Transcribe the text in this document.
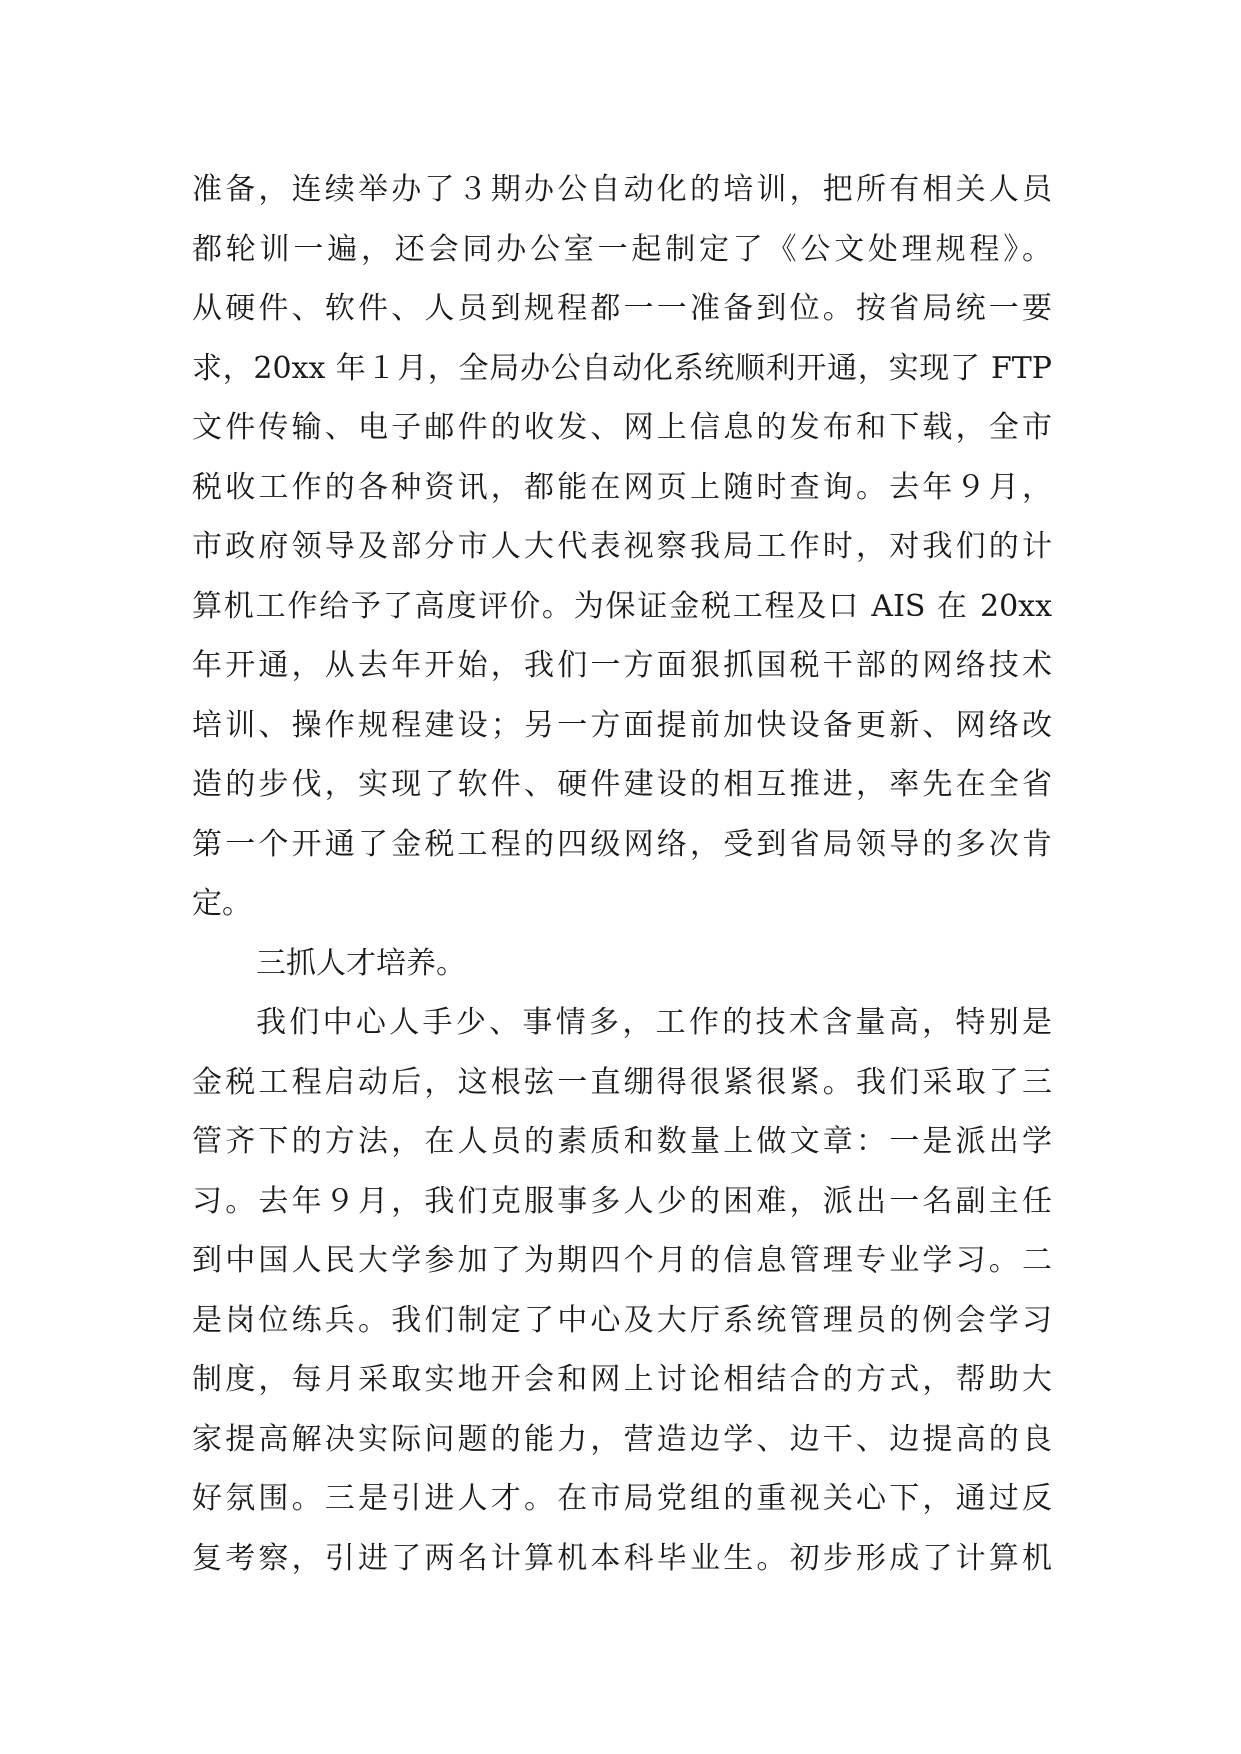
准备，连续举办了３期办公自动化的培训，把所有相关人员
都轮训一遍，还会同办公室一起制定了《公文处理规程》。
从硬件、软件、人员到规程都一一准备到位。按省局统一要
求，20xx 年１月，全局办公自动化系统顺利开通，实现了 FTP
文件传输、电子邮件的收发、网上信息的发布和下载，全市
税收工作的各种资讯，都能在网页上随时查询。去年９月，
市政府领导及部分市人大代表视察我局工作时，对我们的计
算机工作给予了高度评价。为保证金税工程及口 AIS 在 20xx
年开通，从去年开始，我们一方面狠抓国税干部的网络技术
培训、操作规程建设；另一方面提前加快设备更新、网络改
造的步伐，实现了软件、硬件建设的相互推进，率先在全省
第一个开通了金税工程的四级网络，受到省局领导的多次肯
定。
三抓人才培养。
我们中心人手少、事情多，工作的技术含量高，特别是
金税工程启动后，这根弦一直绷得很紧很紧。我们采取了三
管齐下的方法，在人员的素质和数量上做文章：一是派出学
习。去年９月，我们克服事多人少的困难，派出一名副主任
到中国人民大学参加了为期四个月的信息管理专业学习。二
是岗位练兵。我们制定了中心及大厅系统管理员的例会学习
制度，每月采取实地开会和网上讨论相结合的方式，帮助大
家提高解决实际问题的能力，营造边学、边干、边提高的良
好氛围。三是引进人才。在市局党组的重视关心下，通过反
复考察，引进了两名计算机本科毕业生。初步形成了计算机
